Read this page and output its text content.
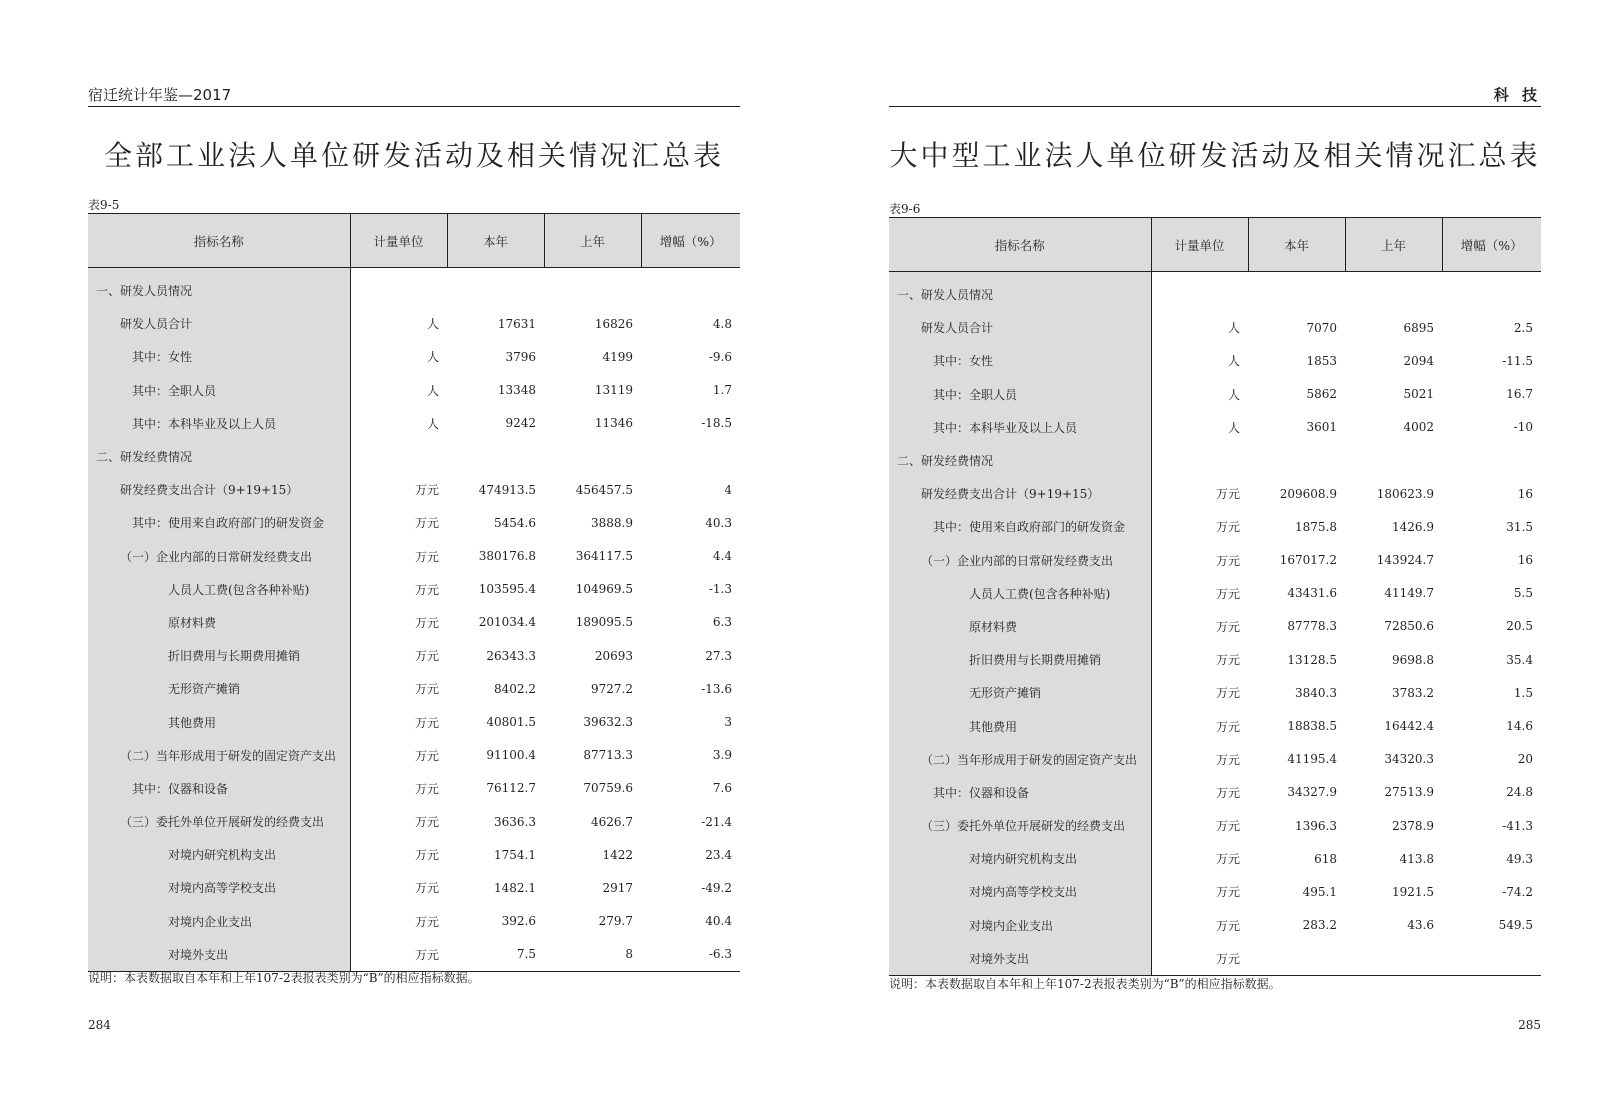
宿迁统计年鉴—2017
全部工业法人单位研发活动及相关情况汇总表
表9-5
指标名称	计量单位	本年	上年	增幅（%）
一、研发人员情况				
研发人员合计	人	17631	16826	4.8
其中：女性	人	3796	4199	-9.6
其中：全职人员	人	13348	13119	1.7
其中：本科毕业及以上人员	人	9242	11346	-18.5
二、研发经费情况				
研发经费支出合计（9+19+15）	万元	474913.5	456457.5	4
其中：使用来自政府部门的研发资金	万元	5454.6	3888.9	40.3
（一）企业内部的日常研发经费支出	万元	380176.8	364117.5	4.4
人员人工费(包含各种补贴)	万元	103595.4	104969.5	-1.3
原材料费	万元	201034.4	189095.5	6.3
折旧费用与长期费用摊销	万元	26343.3	20693	27.3
无形资产摊销	万元	8402.2	9727.2	-13.6
其他费用	万元	40801.5	39632.3	3
（二）当年形成用于研发的固定资产支出	万元	91100.4	87713.3	3.9
其中：仪器和设备	万元	76112.7	70759.6	7.6
（三）委托外单位开展研发的经费支出	万元	3636.3	4626.7	-21.4
对境内研究机构支出	万元	1754.1	1422	23.4
对境内高等学校支出	万元	1482.1	2917	-49.2
对境内企业支出	万元	392.6	279.7	40.4
对境外支出	万元	7.5	8	-6.3
说明：本表数据取自本年和上年107-2表报表类别为“B”的相应指标数据。
284
科 技
大中型工业法人单位研发活动及相关情况汇总表
表9-6
指标名称	计量单位	本年	上年	增幅（%）
一、研发人员情况				
研发人员合计	人	7070	6895	2.5
其中：女性	人	1853	2094	-11.5
其中：全职人员	人	5862	5021	16.7
其中：本科毕业及以上人员	人	3601	4002	-10
二、研发经费情况				
研发经费支出合计（9+19+15）	万元	209608.9	180623.9	16
其中：使用来自政府部门的研发资金	万元	1875.8	1426.9	31.5
（一）企业内部的日常研发经费支出	万元	167017.2	143924.7	16
人员人工费(包含各种补贴)	万元	43431.6	41149.7	5.5
原材料费	万元	87778.3	72850.6	20.5
折旧费用与长期费用摊销	万元	13128.5	9698.8	35.4
无形资产摊销	万元	3840.3	3783.2	1.5
其他费用	万元	18838.5	16442.4	14.6
（二）当年形成用于研发的固定资产支出	万元	41195.4	34320.3	20
其中：仪器和设备	万元	34327.9	27513.9	24.8
（三）委托外单位开展研发的经费支出	万元	1396.3	2378.9	-41.3
对境内研究机构支出	万元	618	413.8	49.3
对境内高等学校支出	万元	495.1	1921.5	-74.2
对境内企业支出	万元	283.2	43.6	549.5
对境外支出	万元			
说明：本表数据取自本年和上年107-2表报表类别为“B”的相应指标数据。
285
